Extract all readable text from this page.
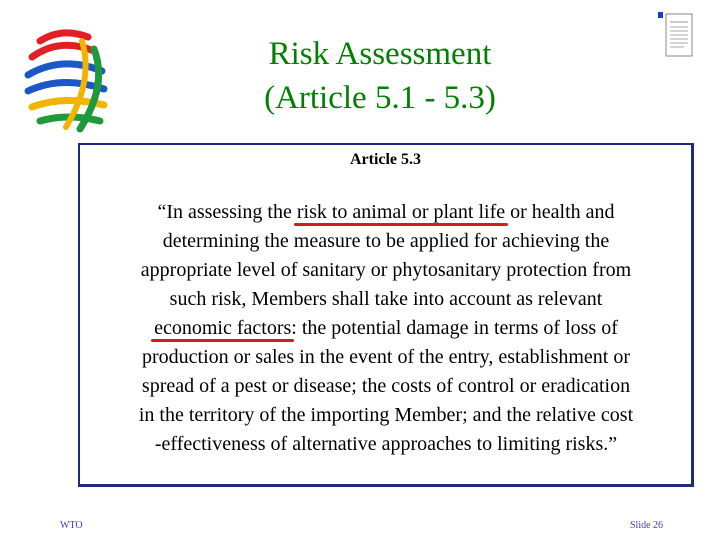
Risk Assessment
(Article 5.1 - 5.3)
Article 5.3
“In assessing the risk to animal or plant life
or health and
determining the measure to be applied for achieving the
appropriate level of sanitary or phytosanitary protection from
such risk, Members shall take into account as relevant
economic factors
: the potential damage in terms of loss of
production or sales in the event of the entry, establishment or
spread of a pest or disease; the costs of control or eradication
in the territory of the importing Member; and the relative cost
-effectiveness of alternative approaches to limiting risks.”
WTO	Slide 26
